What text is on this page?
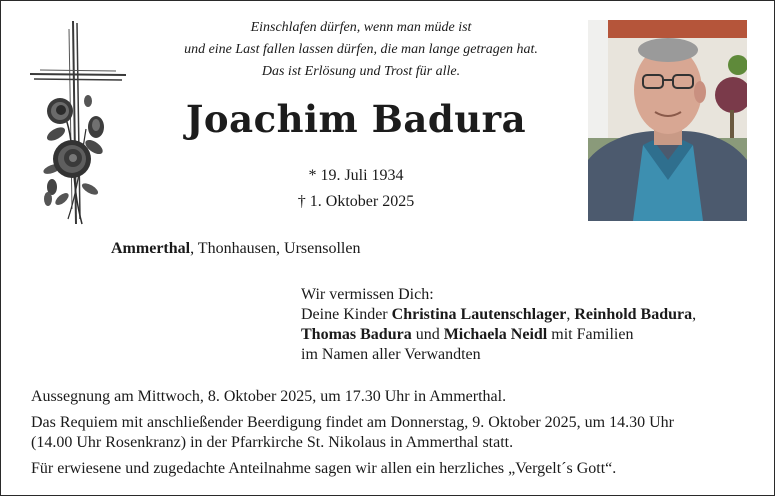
Einschlafen dürfen, wenn man müde ist
und eine Last fallen lassen dürfen, die man lange getragen hat.
Das ist Erlösung und Trost für alle.
Joachim Badura
* 19. Juli 1934
† 1. Oktober 2025
Ammerthal, Thonhausen, Ursensollen
Wir vermissen Dich:
Deine Kinder Christina Lautenschlager, Reinhold Badura,
Thomas Badura und Michaela Neidl mit Familien
im Namen aller Verwandten

Aussegnung am Mittwoch, 8. Oktober 2025, um 17.30 Uhr in Ammerthal.

Das Requiem mit anschließender Beerdigung findet am Donnerstag, 9. Oktober 2025, um 14.30 Uhr

(14.00 Uhr Rosenkranz) in der Pfarrkirche St. Nikolaus in Ammerthal statt.

Für erwiesene und zugedachte Anteilnahme sagen wir allen ein herzliches „Vergelt´s Gott“.
